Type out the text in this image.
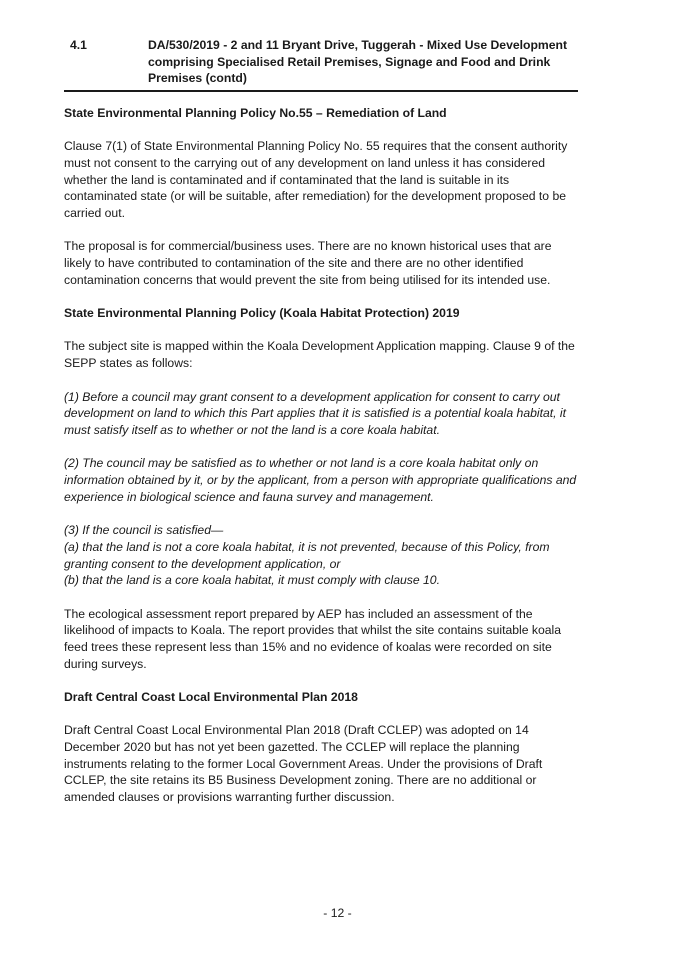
4.1	DA/530/2019 - 2 and 11 Bryant Drive, Tuggerah - Mixed Use Development comprising Specialised Retail Premises, Signage and Food and Drink Premises (contd)
State Environmental Planning Policy No.55 – Remediation of Land

Clause 7(1) of State Environmental Planning Policy No. 55 requires that the consent authority must not consent to the carrying out of any development on land unless it has considered whether the land is contaminated and if contaminated that the land is suitable in its contaminated state (or will be suitable, after remediation) for the development proposed to be carried out.

The proposal is for commercial/business uses. There are no known historical uses that are likely to have contributed to contamination of the site and there are no other identified contamination concerns that would prevent the site from being utilised for its intended use.

State Environmental Planning Policy (Koala Habitat Protection) 2019

The subject site is mapped within the Koala Development Application mapping. Clause 9 of the SEPP states as follows:

(1) Before a council may grant consent to a development application for consent to carry out development on land to which this Part applies that it is satisfied is a potential koala habitat, it must satisfy itself as to whether or not the land is a core koala habitat.

(2) The council may be satisfied as to whether or not land is a core koala habitat only on information obtained by it, or by the applicant, from a person with appropriate qualifications and experience in biological science and fauna survey and management.

(3) If the council is satisfied—

(a) that the land is not a core koala habitat, it is not prevented, because of this Policy, from granting consent to the development application, or

(b) that the land is a core koala habitat, it must comply with clause 10.

The ecological assessment report prepared by AEP has included an assessment of the likelihood of impacts to Koala. The report provides that whilst the site contains suitable koala feed trees these represent less than 15% and no evidence of koalas were recorded on site during surveys.

Draft Central Coast Local Environmental Plan 2018

Draft Central Coast Local Environmental Plan 2018 (Draft CCLEP) was adopted on 14 December 2020 but has not yet been gazetted. The CCLEP will replace the planning instruments relating to the former Local Government Areas. Under the provisions of Draft CCLEP, the site retains its B5 Business Development zoning. There are no additional or amended clauses or provisions warranting further discussion.

- 12 -
